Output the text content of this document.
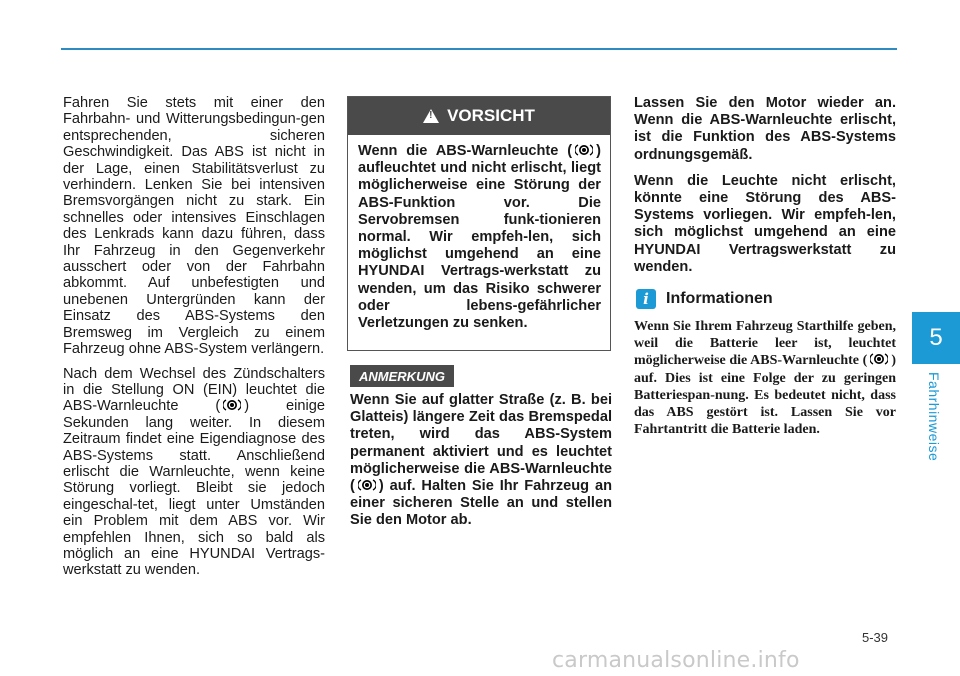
5
Fahrhinweise

Fahren Sie stets mit einer den Fahrbahn- und Witterungsbedingun-gen entsprechenden, sicheren Geschwindigkeit. Das ABS ist nicht in der Lage, einen Stabilitätsverlust zu verhindern. Lenken Sie bei intensiven Bremsvorgängen nicht zu stark. Ein schnelles oder intensives Einschlagen des Lenkrads kann dazu führen, dass Ihr Fahrzeug in den Gegenverkehr ausschert oder von der Fahrbahn abkommt. Auf unbefestigten und unebenen Untergründen kann der Einsatz des ABS-Systems den Bremsweg im Vergleich zu einem Fahrzeug ohne ABS-System verlängern.

Nach dem Wechsel des Zündschalters in die Stellung ON (EIN) leuchtet die ABS-Warnleuchte ( ) einige Sekunden lang weiter. In diesem Zeitraum findet eine Eigendiagnose des ABS-Systems statt. Anschließend erlischt die Warnleuchte, wenn keine Störung vorliegt. Bleibt sie jedoch eingeschal-tet, liegt unter Umständen ein Problem mit dem ABS vor. Wir empfehlen Ihnen, sich so bald als möglich an eine HYUNDAI Vertrags-werkstatt zu wenden.

!
VORSICHT
Wenn die ABS-Warnleuchte ( ) aufleuchtet und nicht erlischt, liegt möglicherweise eine Störung der ABS-Funktion vor. Die Servobremsen funk-tionieren normal. Wir empfeh-len, sich möglichst umgehend an eine HYUNDAI Vertrags-werkstatt zu wenden, um das Risiko schwerer oder lebens-gefährlicher Verletzungen zu senken.
ANMERKUNG
Wenn Sie auf glatter Straße (z. B. bei Glatteis) längere Zeit das Bremspedal treten, wird das ABS-System permanent aktiviert und es leuchtet möglicherweise die ABS-Warnleuchte ( ) auf. Halten Sie Ihr Fahrzeug an einer sicheren Stelle an und stellen Sie den Motor ab.

Lassen Sie den Motor wieder an. Wenn die ABS-Warnleuchte erlischt, ist die Funktion des ABS-Systems ordnungsgemäß.

Wenn die Leuchte nicht erlischt, könnte eine Störung des ABS-Systems vorliegen. Wir empfeh-len, sich möglichst umgehend an eine HYUNDAI Vertragswerkstatt zu wenden.

i	Informationen
Wenn Sie Ihrem Fahrzeug Starthilfe geben, weil die Batterie leer ist, leuchtet möglicherweise die ABS-Warnleuchte ( ) auf. Dies ist eine Folge der zu geringen Batteriespan-nung. Es bedeutet nicht, dass das ABS gestört ist. Lassen Sie vor Fahrtantritt die Batterie laden.
5-39
carmanualsonline.info
